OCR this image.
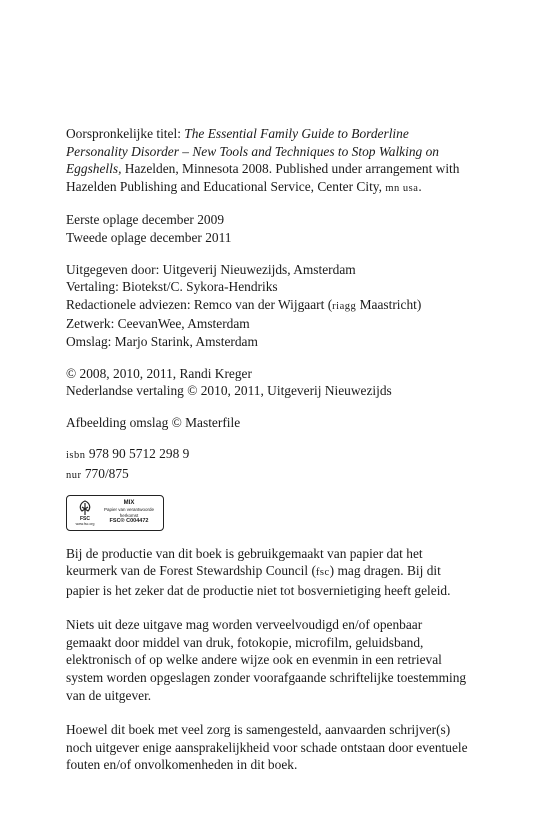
Oorspronkelijke titel: The Essential Family Guide to Borderline Personality Disorder – New Tools and Techniques to Stop Walking on Eggshells, Hazelden, Minnesota 2008. Published under arrangement with Hazelden Publishing and Educational Service, Center City, mn usa.

Eerste oplage december 2009
Tweede oplage december 2011
Uitgegeven door: Uitgeverij Nieuwezijds, Amsterdam
Vertaling: Biotekst/C. Sykora-Hendriks
Redactionele adviezen: Remco van der Wijgaart (riagg Maastricht)
Zetwerk: CeevanWee, Amsterdam
Omslag: Marjo Starink, Amsterdam
© 2008, 2010, 2011, Randi Kreger
Nederlandse vertaling © 2010, 2011, Uitgeverij Nieuwezijds

Afbeelding omslag © Masterfile

isbn 978 90 5712 298 9
nur 770/875
FSC
www.fsc.org
MIX
Papier van verantwoorde herkomst
FSC® C004472

Bij de productie van dit boek is gebruikgemaakt van papier dat het keurmerk van de Forest Stewardship Council (fsc) mag dragen. Bij dit papier is het zeker dat de productie niet tot bosvernietiging heeft geleid.

Niets uit deze uitgave mag worden verveelvoudigd en/of openbaar gemaakt door middel van druk, fotokopie, microfilm, geluidsband, elektronisch of op welke andere wijze ook en evenmin in een retrieval system worden opgeslagen zonder voorafgaande schriftelijke toestemming van de uitgever.

Hoewel dit boek met veel zorg is samengesteld, aanvaarden schrijver(s) noch uitgever enige aansprakelijkheid voor schade ontstaan door eventuele fouten en/of onvolkomenheden in dit boek.
